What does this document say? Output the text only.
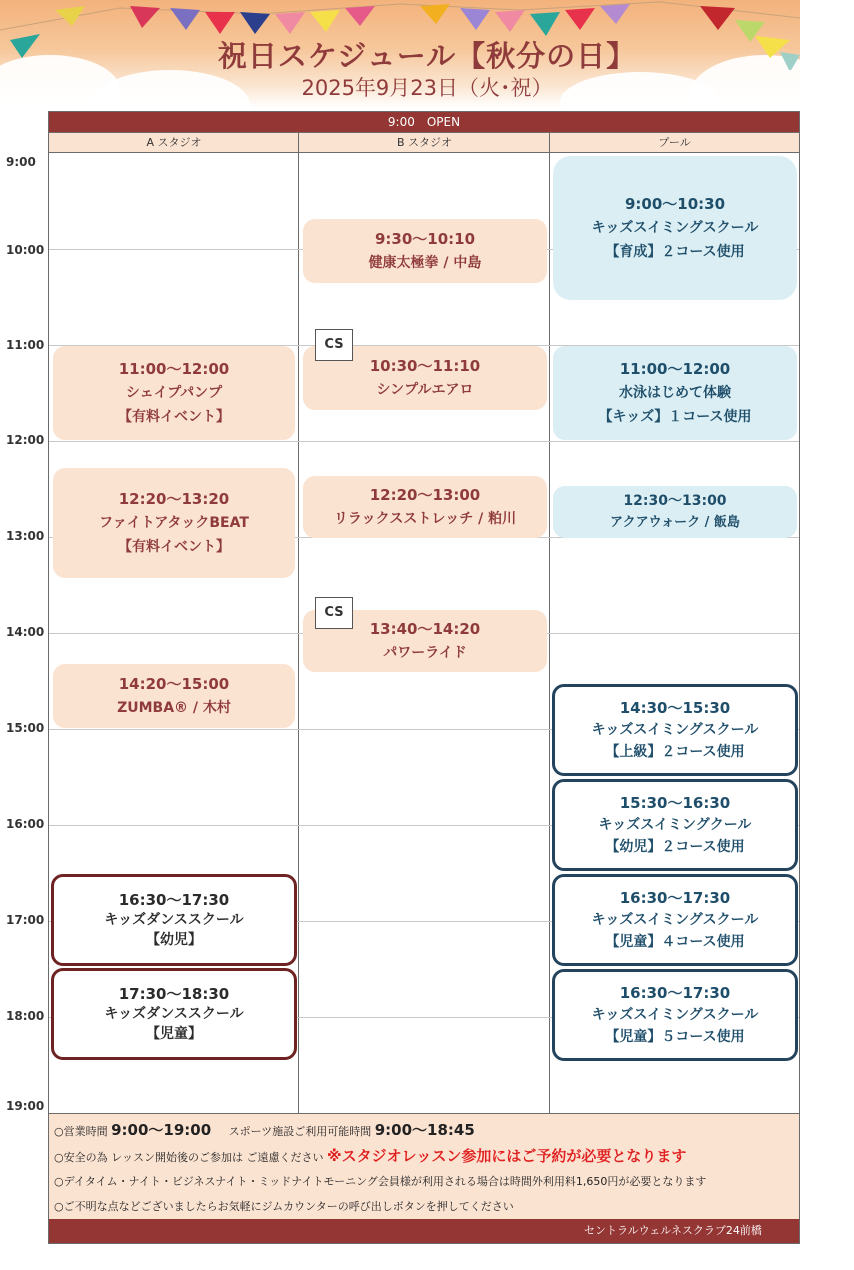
祝日スケジュール【秋分の日】
2025年9月23日（火･祝）
9:00　OPEN
A スタジオ	B スタジオ	プール
11:00〜12:00
シェイプパンプ
【有料イベント】
12:20〜13:20
ファイトアタックBEAT
【有料イベント】
14:20〜15:00
ZUMBA® / 木村
16:30〜17:30
キッズダンススクール
【幼児】
17:30〜18:30
キッズダンススクール
【児童】
9:30〜10:10
健康太極拳 / 中島
10:30〜11:10
シンプルエアロ
CS
12:20〜13:00
リラックスストレッチ / 粕川
13:40〜14:20
パワーライド
CS
9:00〜10:30
キッズスイミングスクール
【育成】２コース使用
11:00〜12:00
水泳はじめて体験
【キッズ】１コース使用
12:30〜13:00
アクアウォーク / 飯島
14:30〜15:30
キッズスイミングスクール
【上級】２コース使用
15:30〜16:30
キッズスイミングクール
【幼児】２コース使用
16:30〜17:30
キッズスイミングスクール
【児童】４コース使用
16:30〜17:30
キッズスイミングスクール
【児童】５コース使用
○営業時間 9:00〜19:00 スポーツ施設ご利用可能時間 9:00〜18:45
○安全の為 レッスン開始後のご参加は ご遠慮ください ※スタジオレッスン参加にはご予約が必要となります
○デイタイム・ナイト・ビジネスナイト・ミッドナイトモーニング会員様が利用される場合は時間外利用料1,650円が必要となります
○ご不明な点などございましたらお気軽にジムカウンターの呼び出しボタンを押してください
セントラルウェルネスクラブ24前橋
9:00
10:00
11:00
12:00
13:00
14:00
15:00
16:00
17:00
18:00
19:00
